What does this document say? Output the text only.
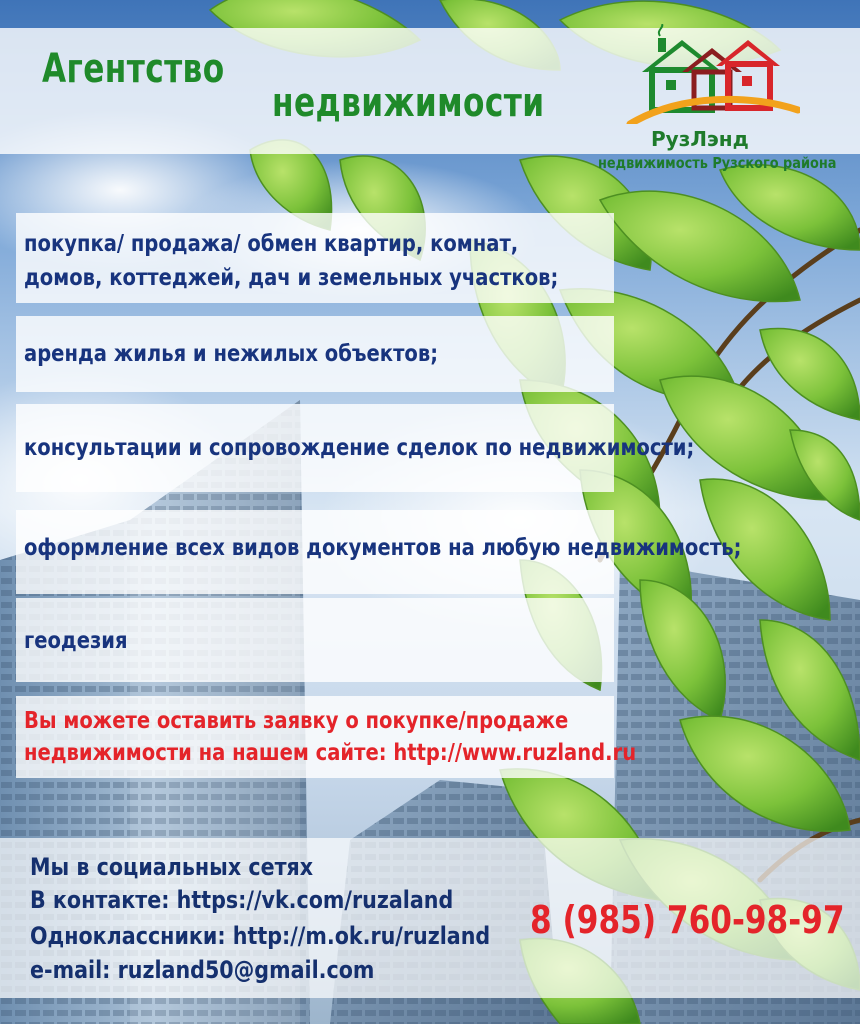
Агентство
недвижимости
РузЛэнд
недвижимость Рузского района
покупка/ продажа/ обмен квартир, комнат,
домов, коттеджей, дач и земельных участков;
аренда жилья и нежилых объектов;
консультации и сопровождение сделок по недвижимости;
оформление всех видов документов на любую недвижимость;
геодезия
Вы можете оставить заявку о покупке/продаже
недвижимости на нашем сайте: http://www.ruzland.ru
Мы в социальных сетях
В контакте: https://vk.com/ruzaland
Одноклассники: http://m.ok.ru/ruzland
e-mail: ruzland50@gmail.com
8 (985) 760-98-97
